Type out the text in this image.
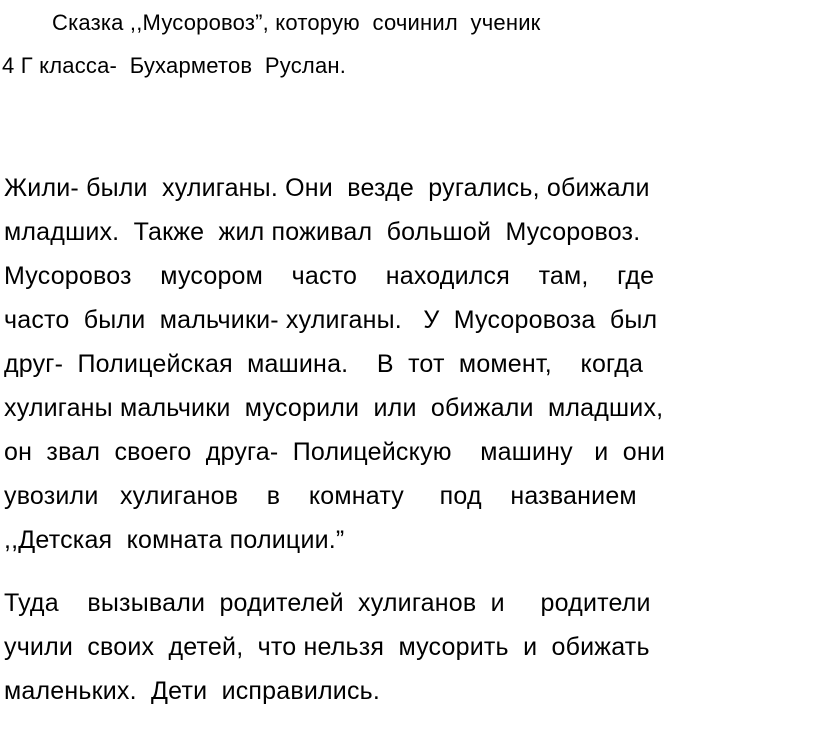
Сказка ,,Мусоровоз”, которую  сочинил  ученик
4 Г класса-  Бухарметов  Руслан.
Жили- были  хулиганы. Они  везде  ругались, обижали
младших.  Также  жил поживал  большой  Мусоровоз.
Мусоровоз    мусором    часто    находился    там,    где
часто  были  мальчики- хулиганы.   У  Мусоровоза  был
друг-  Полицейская  машина.    В  тот  момент,    когда
хулиганы мальчики  мусорили  или  обижали  младших,
он  звал  своего  друга-  Полицейскую    машину   и  они
увозили   хулиганов    в    комнату     под    названием
,,Детская  комната полиции.”
Туда    вызывали  родителей  хулиганов  и     родители
учили  своих  детей,  что нельзя  мусорить  и  обижать
маленьких.  Дети  исправились.
